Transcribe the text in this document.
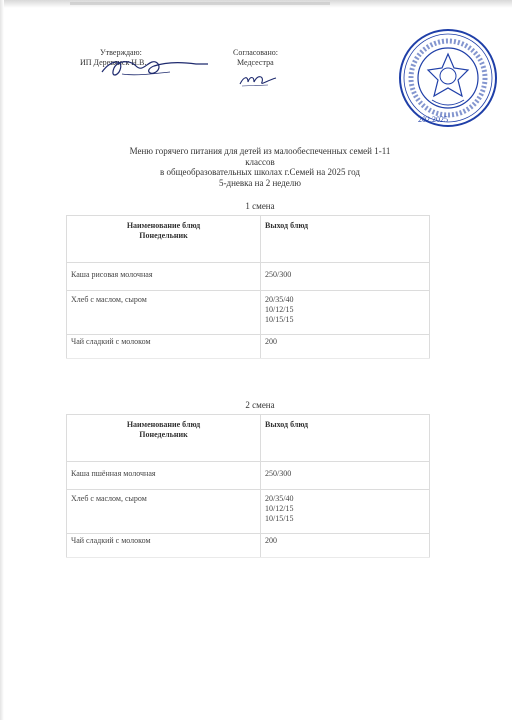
Утверждаю:
ИП Деревянск Н.В.
Согласовано:
Медсестра
202.2025
Меню горячего питания для детей из малообеспеченных семей 1-11
классов
в общеобразовательных школах г.Семей на 2025 год
5-дневка на 2 неделю
1 смена
Наименование блюд
Понедельник	Выход блюд
Каша рисовая молочная	250/300
Хлеб с маслом, сыром	20/35/40
10/12/15
10/15/15

Чай сладкий с молоком	200
2 смена
Наименование блюд
Понедельник	Выход блюд
Каша пшённая молочная	250/300
Хлеб с маслом, сыром	20/35/40
10/12/15
10/15/15

Чай сладкий с молоком	200
